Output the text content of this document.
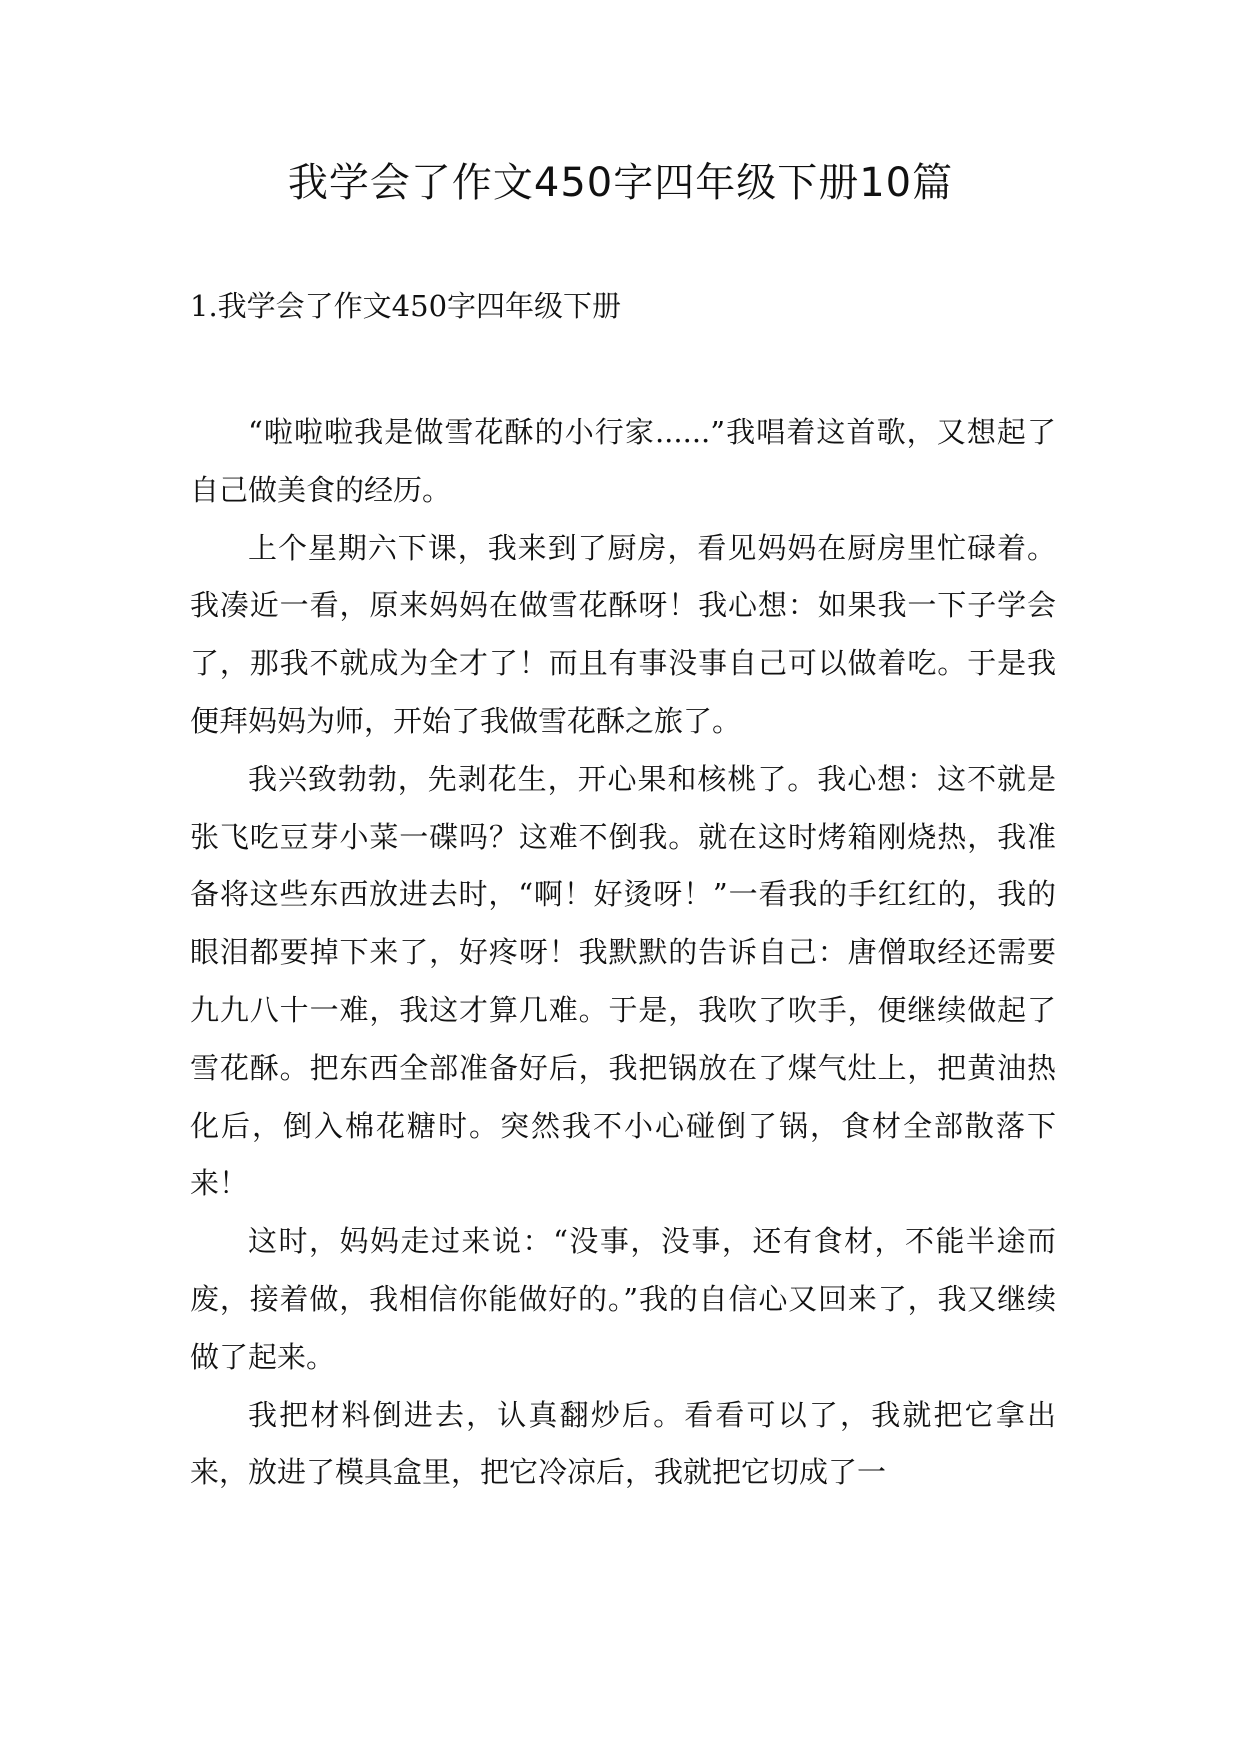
我学会了作文450字四年级下册10篇
1.我学会了作文450字四年级下册

“啦啦啦我是做雪花酥的小行家......”我唱着这首歌，又想起了自己做美食的经历。

上个星期六下课，我来到了厨房，看见妈妈在厨房里忙碌着。我凑近一看，原来妈妈在做雪花酥呀！我心想：如果我一下子学会了，那我不就成为全才了！而且有事没事自己可以做着吃。于是我便拜妈妈为师，开始了我做雪花酥之旅了。

我兴致勃勃，先剥花生，开心果和核桃了。我心想：这不就是张飞吃豆芽小菜一碟吗？这难不倒我。就在这时烤箱刚烧热，我准备将这些东西放进去时，“啊！好烫呀！”一看我的手红红的，我的眼泪都要掉下来了，好疼呀！我默默的告诉自己：唐僧取经还需要九九八十一难，我这才算几难。于是，我吹了吹手，便继续做起了雪花酥。把东西全部准备好后，我把锅放在了煤气灶上，把黄油热化后，倒入棉花糖时。突然我不小心碰倒了锅，食材全部散落下来！

这时，妈妈走过来说：“没事，没事，还有食材，不能半途而废，接着做，我相信你能做好的。”我的自信心又回来了，我又继续做了起来。

我把材料倒进去，认真翻炒后。看看可以了，我就把它拿出来，放进了模具盒里，把它冷凉后，我就把它切成了一
